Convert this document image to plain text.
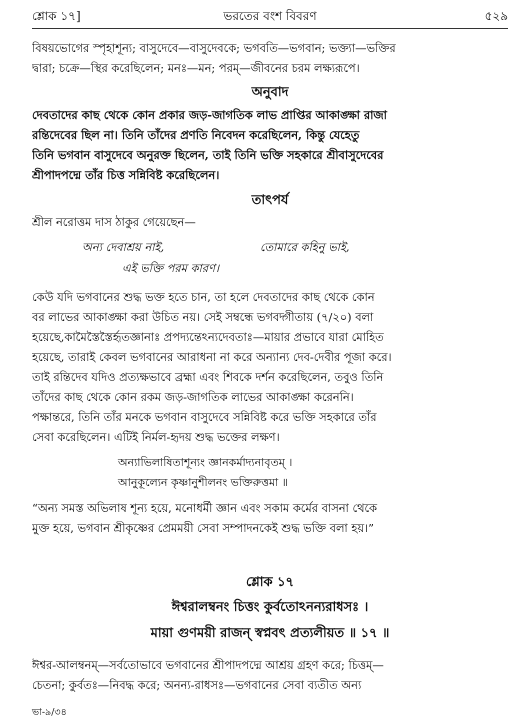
শ্লোক ১৭]	ভরতের বংশ বিবরণ	৫২৯
বিষয়ভোগের স্পৃহাশূন্য; বাসুদেবে—বাসুদেবকে; ভগবতি—ভগবান; ভক্ত্যা—ভক্তির
দ্বারা; চক্রে—স্থির করেছিলেন; মনঃ—মন; পরম্—জীবনের চরম লক্ষ্যরূপে।
অনুবাদ
দেবতাদের কাছ থেকে কোন প্রকার জড়-জাগতিক লাভ প্রাপ্তির আকাঙ্ক্ষা রাজা
রন্তিদেবের ছিল না। তিনি তাঁদের প্রণতি নিবেদন করেছিলেন, কিন্তু যেহেতু
তিনি ভগবান বাসুদেবে অনুরক্ত ছিলেন, তাই তিনি ভক্তি সহকারে শ্রীবাসুদেবের
শ্রীপাদপদ্মে তাঁর চিত্ত সন্নিবিষ্ট করেছিলেন।
তাৎপর্য
শ্রীল নরোত্তম দাস ঠাকুর গেয়েছেন—
অন্য দেবাশ্রয় নাই,	তোমারে কহিনু ভাই,
এই ভক্তি পরম কারণ।
কেউ যদি ভগবানের শুদ্ধ ভক্ত হতে চান, তা হলে দেবতাদের কাছ থেকে কোন
বর লাভের আকাঙ্ক্ষা করা উচিত নয়। সেই সম্বন্ধে ভগবদ্গীতায় (৭/২০) বলা
হয়েছে,কামৈস্তৈস্তৈর্হৃতজ্ঞানাঃ প্রপদ্যন্তেঽন্যদেবতাঃ—মায়ার প্রভাবে যারা মোহিত
হয়েছে, তারাই কেবল ভগবানের আরাধনা না করে অন্যান্য দেব-দেবীর পূজা করে।
তাই রন্তিদেব যদিও প্রত্যক্ষভাবে ব্রহ্মা এবং শিবকে দর্শন করেছিলেন, তবুও তিনি
তাঁদের কাছ থেকে কোন রকম জড়-জাগতিক লাভের আকাঙ্ক্ষা করেননি।
পক্ষান্তরে, তিনি তাঁর মনকে ভগবান বাসুদেবে সন্নিবিষ্ট করে ভক্তি সহকারে তাঁর
সেবা করেছিলেন। এটিই নির্মল-হৃদয় শুদ্ধ ভক্তের লক্ষণ।
অন্যাভিলাষিতাশূন্যং জ্ঞানকর্মাদ্যনাবৃতম্ ।
আনুকূল্যেন কৃষ্ণানুশীলনং ভক্তিরুত্তমা ॥
“অন্য সমস্ত অভিলাষ শূন্য হয়ে, মনোধর্মী জ্ঞান এবং সকাম কর্মের বাসনা থেকে
মুক্ত হয়ে, ভগবান শ্রীকৃষ্ণের প্রেমময়ী সেবা সম্পাদনকেই শুদ্ধ ভক্তি বলা হয়।”
শ্লোক ১৭
ঈশ্বরালম্বনং চিত্তং কুর্বতোঽনন্যরাধসঃ ।
মায়া গুণময়ী রাজন্ স্বপ্নবৎ প্রত্যলীয়ত ॥ ১৭ ॥
ঈশ্বর-আলম্বনম্—সর্বতোভাবে ভগবানের শ্রীপাদপদ্মে আশ্রয় গ্রহণ করে; চিত্তম্—
চেতনা; কুর্বতঃ—নিবদ্ধ করে; অনন্য-রাধসঃ—ভগবানের সেবা ব্যতীত অন্য
ভা-৯/৩৪
